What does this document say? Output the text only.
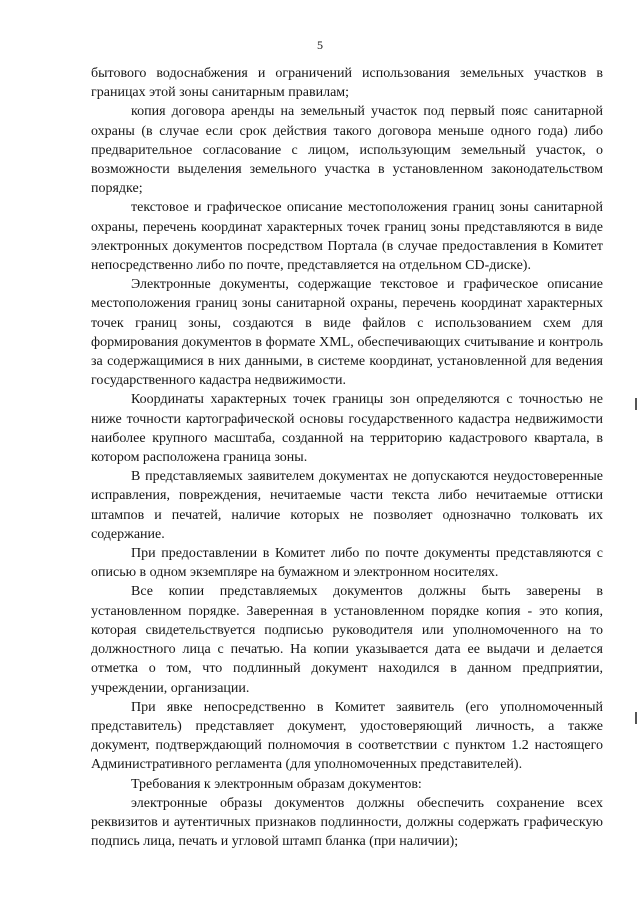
5

бытового водоснабжения и ограничений использования земельных участков в границах этой зоны санитарным правилам;

копия договора аренды на земельный участок под первый пояс санитарной охраны (в случае если срок действия такого договора меньше одного года) либо предварительное согласование с лицом, использующим земельный участок, о возможности выделения земельного участка в установленном законодательством порядке;

текстовое и графическое описание местоположения границ зоны санитарной охраны, перечень координат характерных точек границ зоны представляются в виде электронных документов посредством Портала (в случае предоставления в Комитет непосредственно либо по почте, представляется на отдельном CD-диске).

Электронные документы, содержащие текстовое и графическое описание местоположения границ зоны санитарной охраны, перечень координат характерных точек границ зоны, создаются в виде файлов с использованием схем для формирования документов в формате XML, обеспечивающих считывание и контроль за содержащимися в них данными, в системе координат, установленной для ведения государственного кадастра недвижимости.

Координаты характерных точек границы зон определяются с точностью не ниже точности картографической основы государственного кадастра недвижимости наиболее крупного масштаба, созданной на территорию кадастрового квартала, в котором расположена граница зоны.

В представляемых заявителем документах не допускаются неудостоверенные исправления, повреждения, нечитаемые части текста либо нечитаемые оттиски штампов и печатей, наличие которых не позволяет однозначно толковать их содержание.

При предоставлении в Комитет либо по почте документы представляются с описью в одном экземпляре на бумажном и электронном носителях.

Все копии представляемых документов должны быть заверены в установленном порядке. Заверенная в установленном порядке копия - это копия, которая свидетельствуется подписью руководителя или уполномоченного на то должностного лица с печатью. На копии указывается дата ее выдачи и делается отметка о том, что подлинный документ находился в данном предприятии, учреждении, организации.

При явке непосредственно в Комитет заявитель (его уполномоченный представитель) представляет документ, удостоверяющий личность, а также документ, подтверждающий полномочия в соответствии с пунктом 1.2 настоящего Административного регламента (для уполномоченных представителей).

Требования к электронным образам документов:

электронные образы документов должны обеспечить сохранение всех реквизитов и аутентичных признаков подлинности, должны содержать графическую подпись лица, печать и угловой штамп бланка (при наличии);
